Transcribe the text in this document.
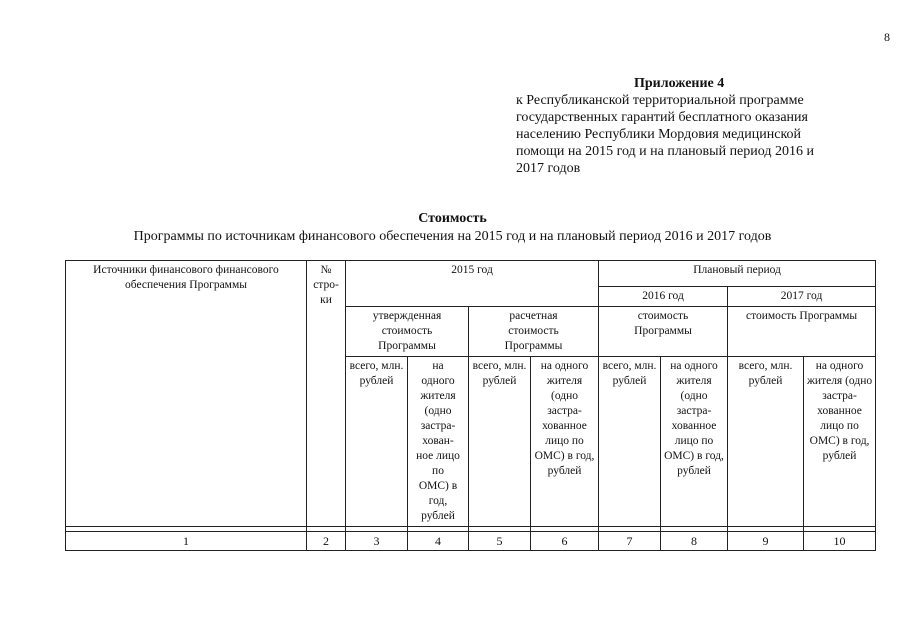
8
Приложение 4
к Республиканской территориальной программе
государственных гарантий бесплатного оказания
населению Республики Мордовия медицинской
помощи на 2015 год и на плановый период 2016 и
2017 годов
Стоимость
Программы по источникам финансового обеспечения на 2015 год и на плановый период 2016 и 2017 годов
Источники финансового финансового обеспечения Программы	№ стро- ки	2015 год				Плановый период			
						2016 год		2017 год	
		утвержденная стоимость Программы		расчетная стоимость Программы		стоимость Программы		стоимость Программы	
		всего, млн. рублей	на одного жителя (одно застра- хован- ное лицо по ОМС) в год, рублей	всего, млн. рублей	на одного жителя (одно застра- хованное лицо по ОМС) в год, рублей	всего, млн. рублей	на одного жителя (одно застра- хованное лицо по ОМС) в год, рублей	всего, млн. рублей	на одного жителя (одно застра- хованное лицо по ОМС) в год, рублей

1	2	3	4	5	6	7	8	9	10
